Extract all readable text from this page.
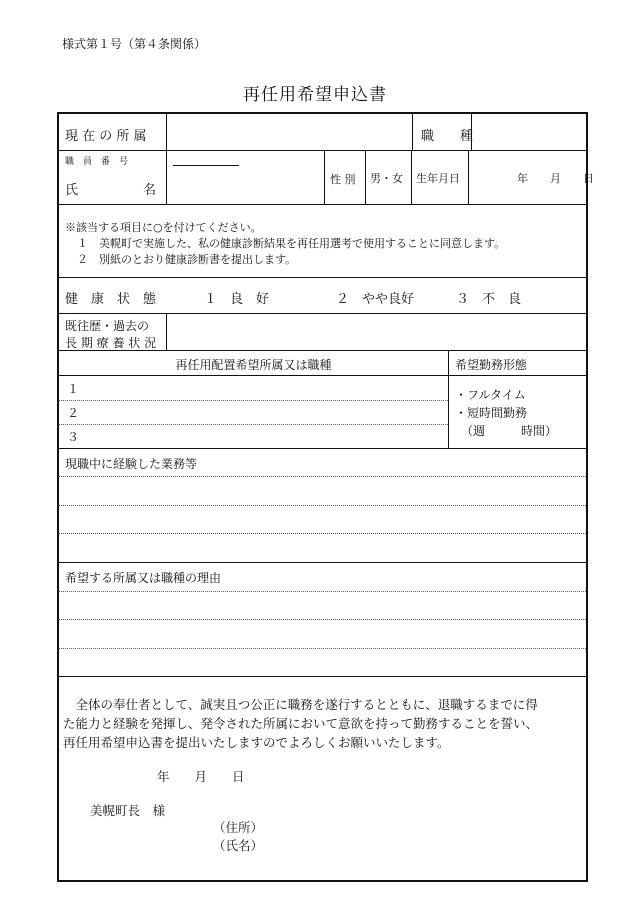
様式第１号（第４条関係）
再任用希望申込書
現 在 の 所 属	職　　種
職　員　番　号
氏　　　　　名
性 別 男・女 生年月日	年　　月　　日
※該当する項目に○を付けてください。
１　美幌町で実施した、私の健康診断結果を再任用選考で使用することに同意します。
２　別紙のとおり健康診断書を提出します。
健　康　状　態	１　良　好	２　やや良好	３　不　良
既往歴・過去の
長 期 療 養 状 況
再任用配置希望所属又は職種	希望勤務形態
１
２
３
・フルタイム
・短時間勤務
（週　　　時間）
現職中に経験した業務等
希望する所属又は職種の理由
　全体の奉仕者として、誠実且つ公正に職務を遂行するとともに、退職するまでに得
た能力と経験を発揮し、発令された所属において意欲を持って勤務することを誓い、
再任用希望申込書を提出いたしますのでよろしくお願いいたします。
年　　月　　日
美幌町長　様
（住所）
（氏名）
